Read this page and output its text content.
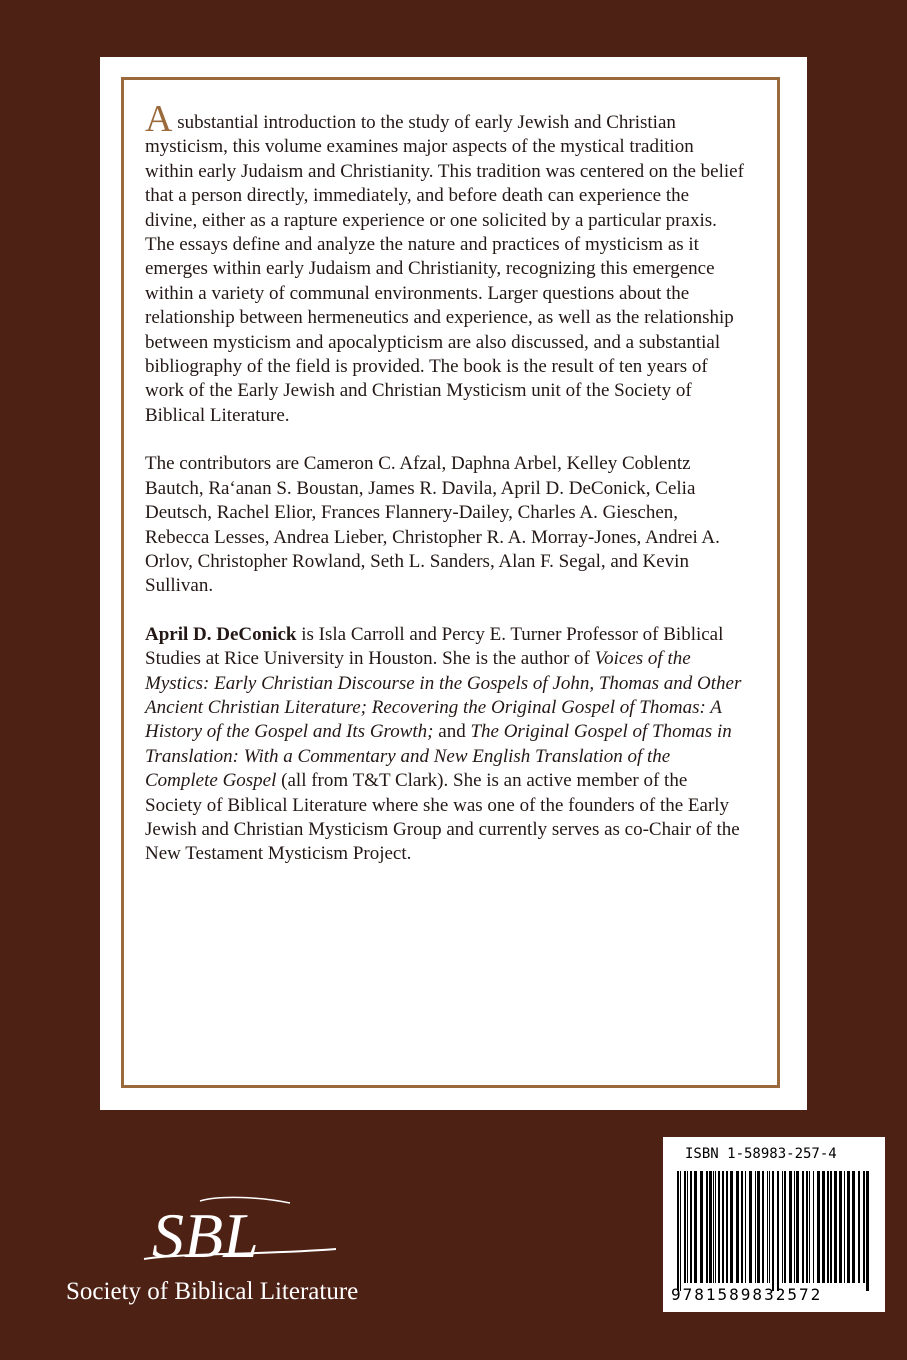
A substantial introduction to the study of early Jewish and Christian mysticism, this volume examines major aspects of the mystical tradition within early Judaism and Christianity. This tradition was centered on the belief that a person directly, immediately, and before death can experience the divine, either as a rapture experience or one solicited by a particular praxis. The essays define and analyze the nature and practices of mysticism as it emerges within early Judaism and Christianity, recognizing this emergence within a variety of communal environments. Larger questions about the relationship between hermeneutics and experience, as well as the relationship between mysticism and apocalypticism are also discussed, and a substantial bibliography of the field is provided. The book is the result of ten years of work of the Early Jewish and Christian Mysticism unit of the Society of Biblical Literature.

The contributors are Cameron C. Afzal, Daphna Arbel, Kelley Coblentz Bautch, Ra‘anan S. Boustan, James R. Davila, April D. DeConick, Celia Deutsch, Rachel Elior, Frances Flannery-Dailey, Charles A. Gieschen, Rebecca Lesses, Andrea Lieber, Christopher R. A. Morray-Jones, Andrei A. Orlov, Christopher Rowland, Seth L. Sanders, Alan F. Segal, and Kevin Sullivan.

April D. DeConick is Isla Carroll and Percy E. Turner Professor of Biblical Studies at Rice University in Houston. She is the author of Voices of the Mystics: Early Christian Discourse in the Gospels of John, Thomas and Other Ancient Christian Literature; Recovering the Original Gospel of Thomas: A History of the Gospel and Its Growth; and The Original Gospel of Thomas in Translation: With a Commentary and New English Translation of the Complete Gospel (all from T&T Clark). She is an active member of the Society of Biblical Literature where she was one of the founders of the Early Jewish and Christian Mysticism Group and currently serves as co-Chair of the New Testament Mysticism Project.

SBL
Society of Biblical Literature
ISBN 1-58983-257-4
9781589832572
